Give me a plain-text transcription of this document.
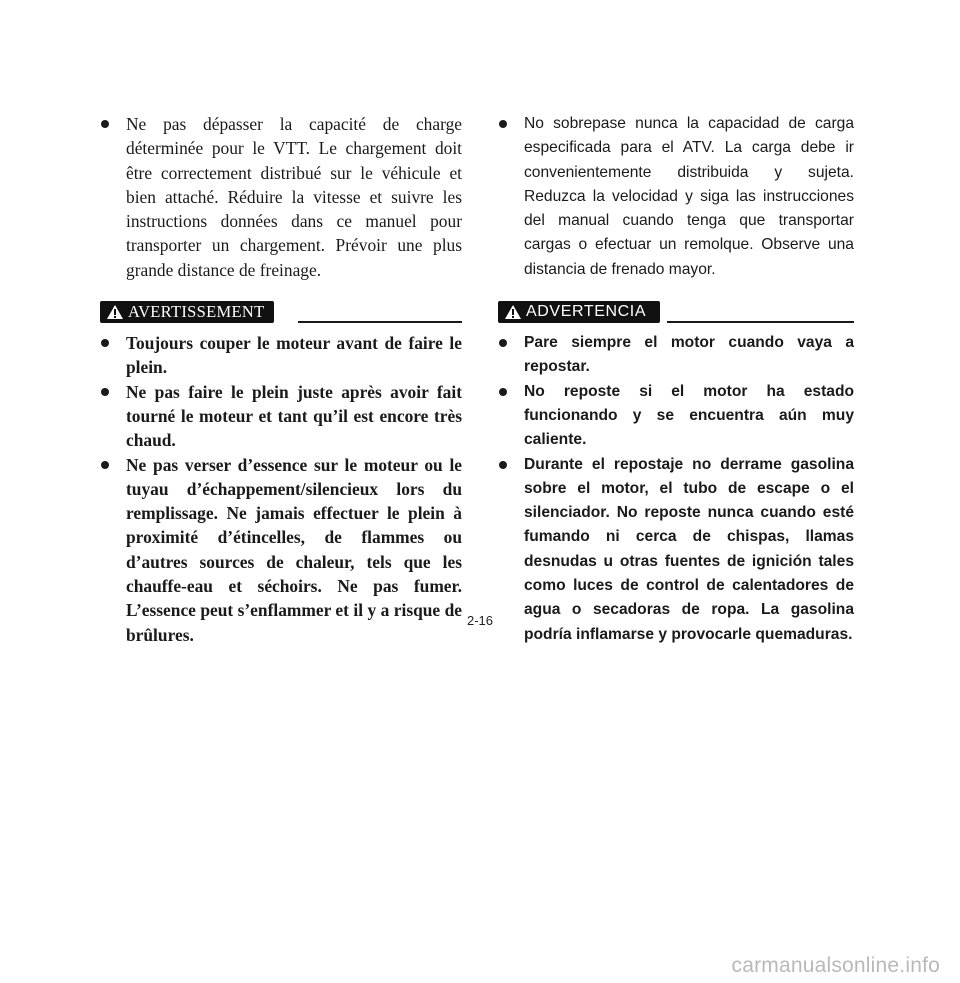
Ne pas dépasser la capacité de charge déterminée pour le VTT. Le chargement doit être correctement distribué sur le véhicule et bien attaché. Réduire la vitesse et suivre les instructions données dans ce manuel pour transporter un chargement. Prévoir une plus grande distance de freinage.
AVERTISSEMENT
Toujours couper le moteur avant de faire le plein.
Ne pas faire le plein juste après avoir fait tourné le moteur et tant qu’il est encore très chaud.
Ne pas verser d’essence sur le moteur ou le tuyau d’échappement/silencieux lors du remplissage. Ne jamais effectuer le plein à proximité d’étincelles, de flammes ou d’autres sources de chaleur, tels que les chauffe-eau et séchoirs. Ne pas fumer. L’essence peut s’enflammer et il y a risque de brûlures.
No sobrepase nunca la capacidad de carga especificada para el ATV. La carga debe ir convenientemente distribuida y sujeta. Reduzca la velocidad y siga las instrucciones del manual cuando tenga que transportar cargas o efectuar un remolque. Observe una distancia de frenado mayor.
ADVERTENCIA
Pare siempre el motor cuando vaya a repostar.
No reposte si el motor ha estado funcionando y se encuentra aún muy caliente.
Durante el repostaje no derrame gasolina sobre el motor, el tubo de escape o el silenciador. No reposte nunca cuando esté fumando ni cerca de chispas, llamas desnudas u otras fuentes de ignición tales como luces de control de calentadores de agua o secadoras de ropa. La gasolina podría inflamarse y provocarle quemaduras.
2-16
carmanualsonline.info
